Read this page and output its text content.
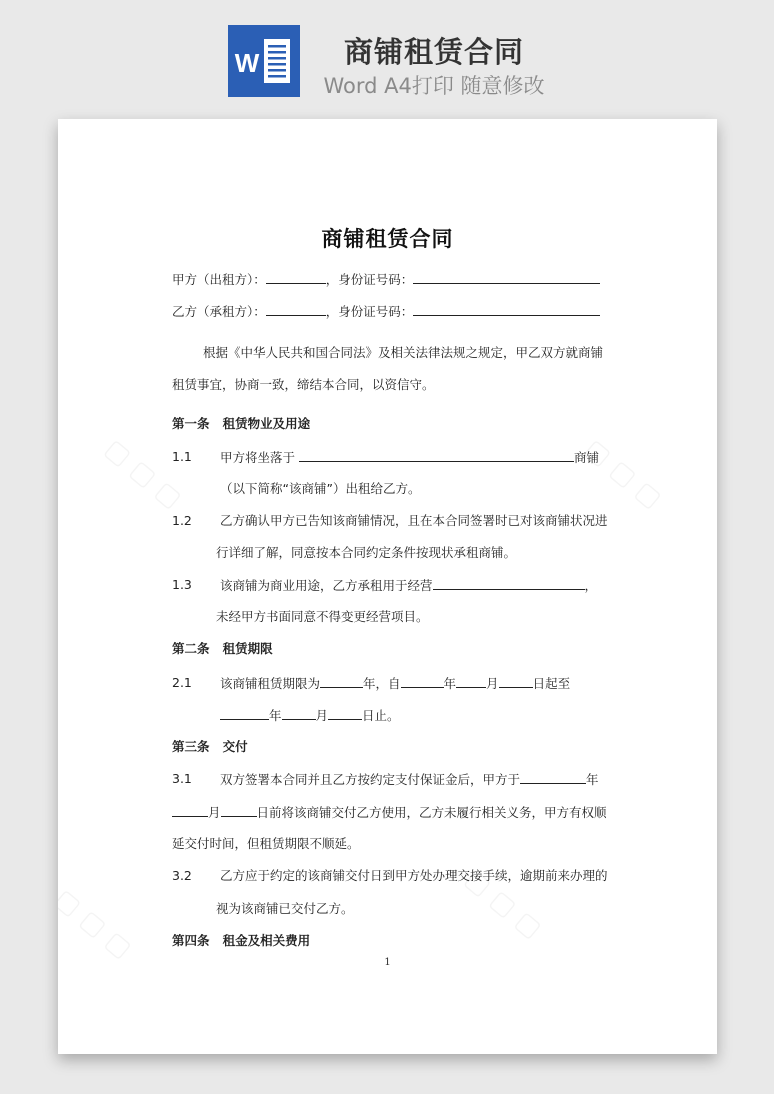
W	商铺租赁合同
Word A4打印 随意修改
商铺租赁合同
甲方（出租方）：	，身份证号码：
乙方（承租方）：	，身份证号码：
根据《中华人民共和国合同法》及相关法律法规之规定，甲乙双方就商铺
租赁事宜，协商一致，缔结本合同，以资信守。
第一条 租赁物业及用途
1.1 甲方将坐落于	商铺
（以下简称“该商铺”）出租给乙方。
1.2 乙方确认甲方已告知该商铺情况，且在本合同签署时已对该商铺状况进
行详细了解，同意按本合同约定条件按现状承租商铺。
1.3 该商铺为商业用途，乙方承租用于经营	，
未经甲方书面同意不得变更经营项目。
第二条 租赁期限
2.1 该商铺租赁期限为	年，自	年 月	日起至
年	月	日止。
第三条 交付
3.1 双方签署本合同并且乙方按约定支付保证金后，甲方于	年
月	日前将该商铺交付乙方使用，乙方未履行相关义务，甲方有权顺
延交付时间，但租赁期限不顺延。
3.2 乙方应于约定的该商铺交付日到甲方处办理交接手续，逾期前来办理的
视为该商铺已交付乙方。
第四条 租金及相关费用
1
